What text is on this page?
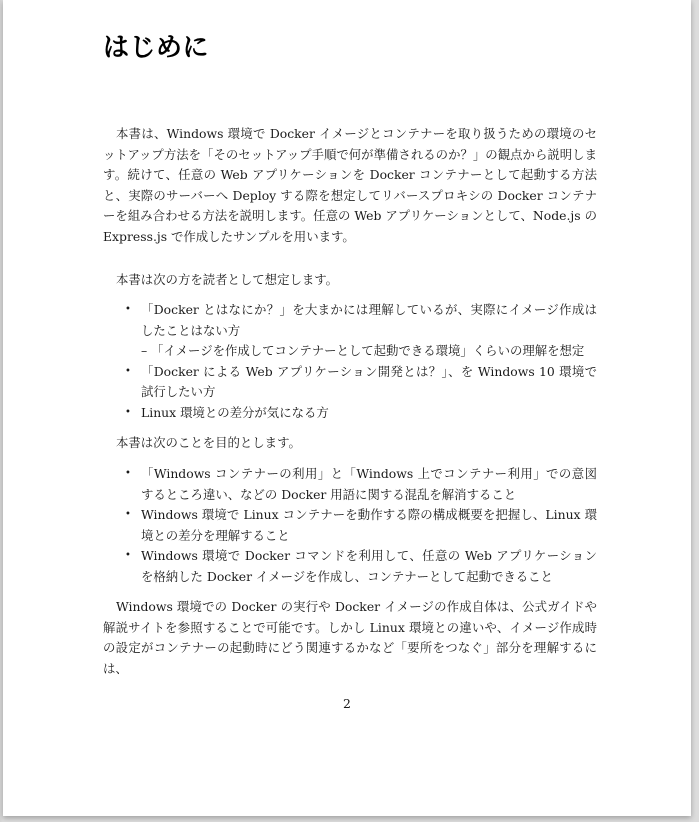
はじめに

本書は、Windows 環境で Docker イメージとコンテナーを取り扱うための環境のセットアップ方法を「そのセットアップ手順で何が準備されるのか？」の観点から説明します。続けて、任意の Web アプリケーションを Docker コンテナーとして起動する方法と、実際のサーバーへ Deploy する際を想定してリバースプロキシの Docker コンテナーを組み合わせる方法を説明します。任意の Web アプリケーションとして、Node.js の Express.js で作成したサンプルを用います。

本書は次の方を読者として想定します。

• 「Docker とはなにか？」を大まかには理解しているが、実際にイメージ作成はしたことはない方
– 「イメージを作成してコンテナーとして起動できる環境」くらいの理解を想定
• 「Docker による Web アプリケーション開発とは？」、を Windows 10 環境で試行したい方
• Linux 環境との差分が気になる方

本書は次のことを目的とします。

• 「Windows コンテナーの利用」と「Windows 上でコンテナー利用」での意図するところ違い、などの Docker 用語に関する混乱を解消すること
• Windows 環境で Linux コンテナーを動作する際の構成概要を把握し、Linux 環境との差分を理解すること
• Windows 環境で Docker コマンドを利用して、任意の Web アプリケーションを格納した Docker イメージを作成し、コンテナーとして起動できること

Windows 環境での Docker の実行や Docker イメージの作成自体は、公式ガイドや解説サイトを参照することで可能です。しかし Linux 環境との違いや、イメージ作成時の設定がコンテナーの起動時にどう関連するかなど「要所をつなぐ」部分を理解するには、

2
